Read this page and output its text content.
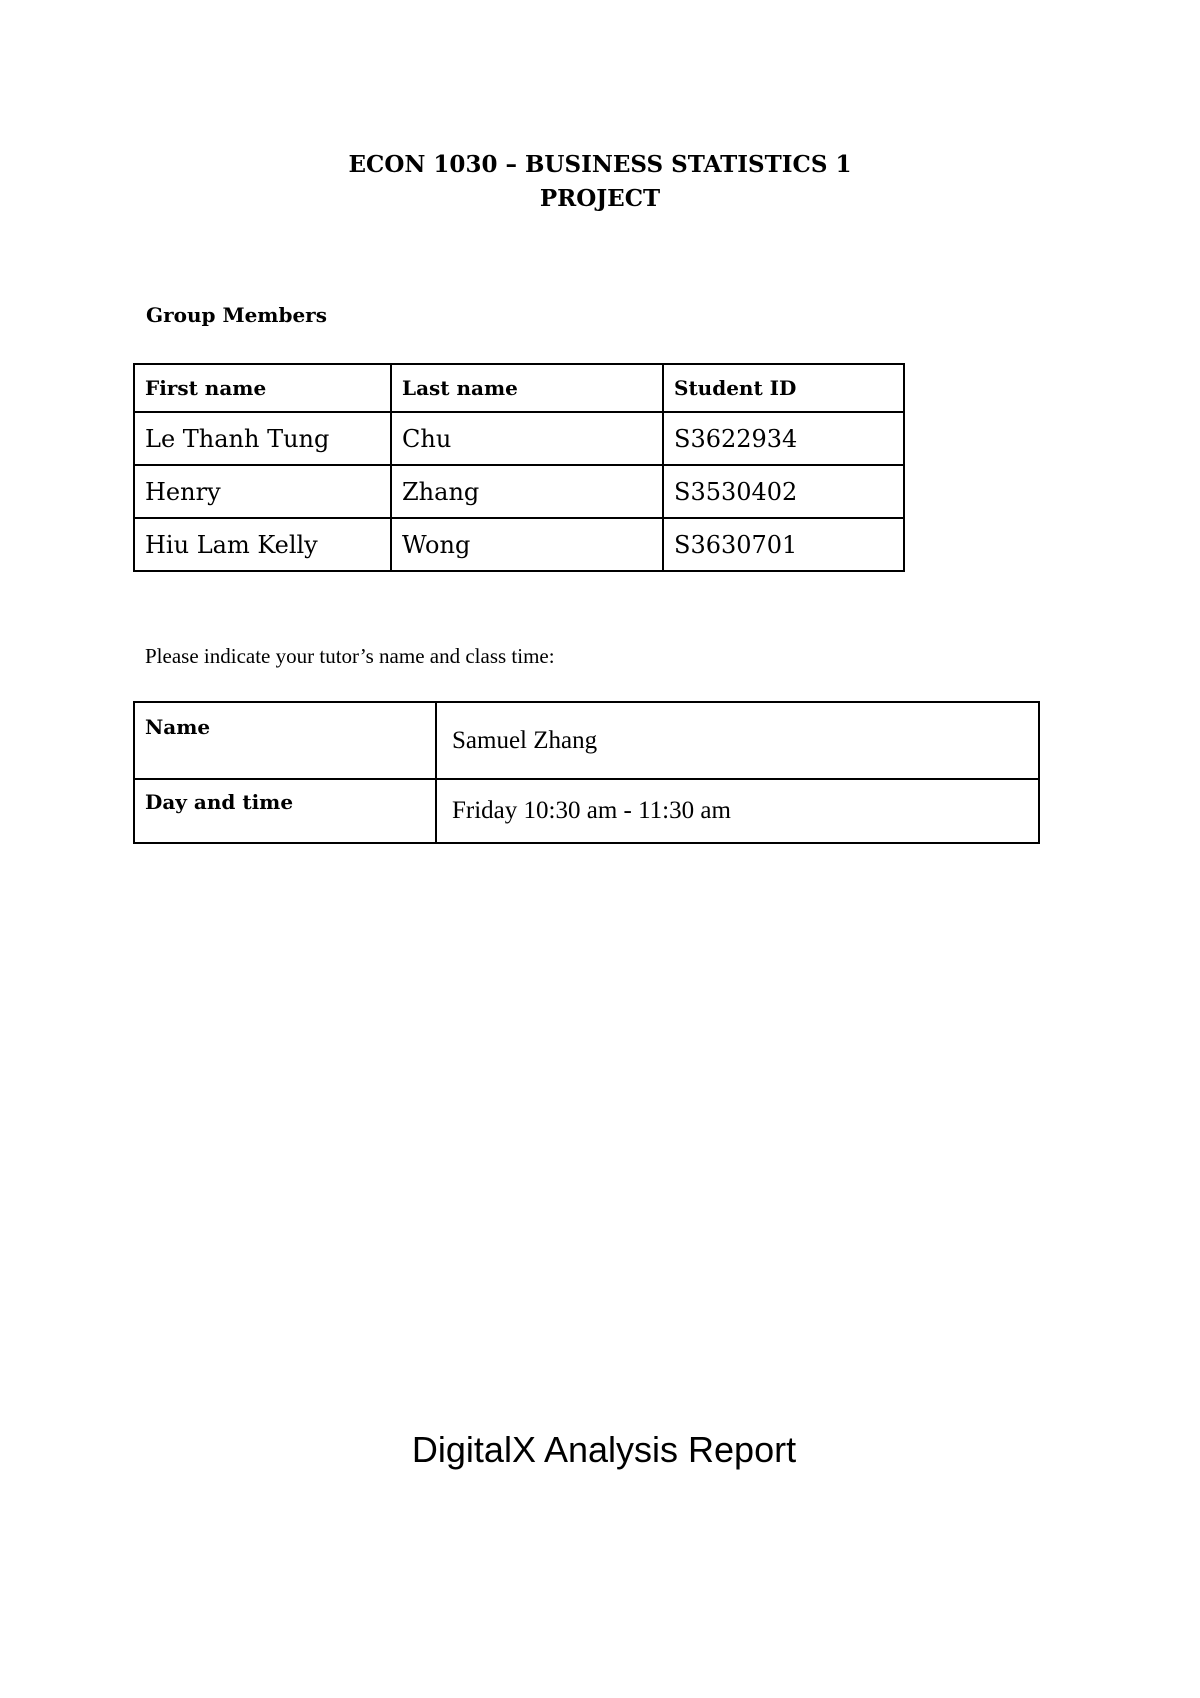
ECON 1030 – BUSINESS STATISTICS 1
PROJECT
Group Members
First name	Last name	Student ID
Le Thanh Tung	Chu	S3622934
Henry	Zhang	S3530402
Hiu Lam Kelly	Wong	S3630701
Please indicate your tutor’s name and class time:
Name	Samuel Zhang
Day and time	Friday 10:30 am - 11:30 am
DigitalX Analysis Report
